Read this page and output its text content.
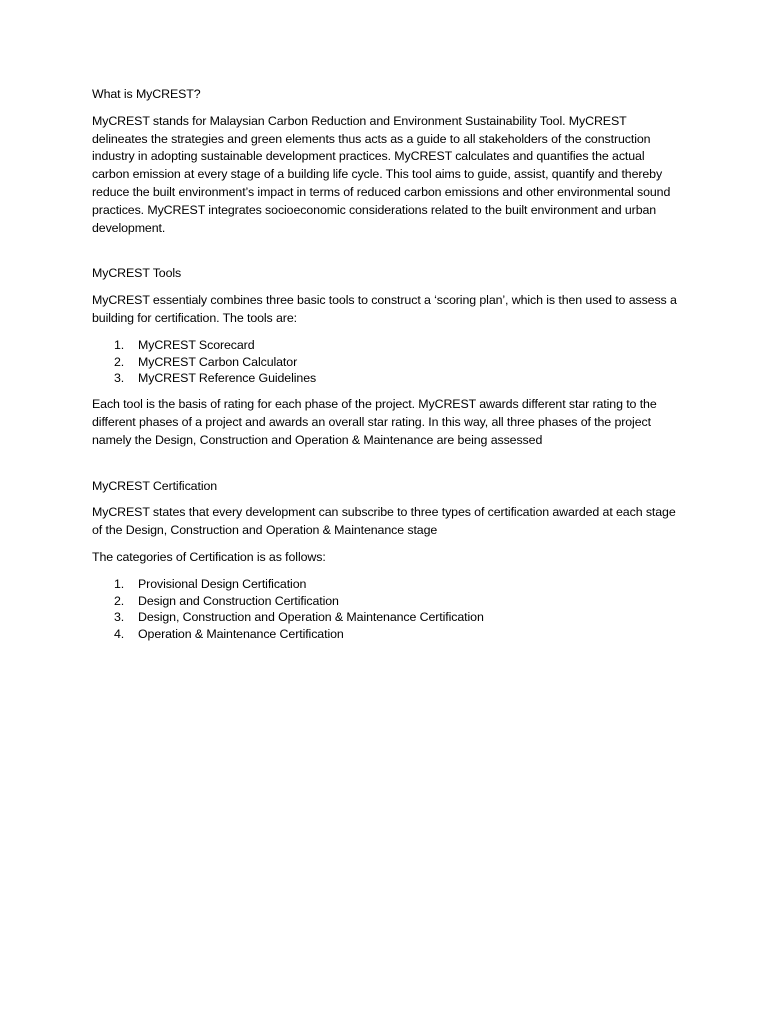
What is MyCREST?

MyCREST stands for Malaysian Carbon Reduction and Environment Sustainability Tool. MyCREST delineates the strategies and green elements thus acts as a guide to all stakeholders of the construction industry in adopting sustainable development practices. MyCREST calculates and quantifies the actual carbon emission at every stage of a building life cycle. This tool aims to guide, assist, quantify and thereby reduce the built environment’s impact in terms of reduced carbon emissions and other environmental sound practices. MyCREST integrates socioeconomic considerations related to the built environment and urban development.

MyCREST Tools

MyCREST essentialy combines three basic tools to construct a ‘scoring plan’, which is then used to assess a building for certification. The tools are:

1. MyCREST Scorecard
2. MyCREST Carbon Calculator
3. MyCREST Reference Guidelines

Each tool is the basis of rating for each phase of the project. MyCREST awards different star rating to the different phases of a project and awards an overall star rating. In this way, all three phases of the project namely the Design, Construction and Operation & Maintenance are being assessed

MyCREST Certification

MyCREST states that every development can subscribe to three types of certification awarded at each stage of the Design, Construction and Operation & Maintenance stage

The categories of Certification is as follows:

1. Provisional Design Certification
2. Design and Construction Certification
3. Design, Construction and Operation & Maintenance Certification
4. Operation & Maintenance Certification
